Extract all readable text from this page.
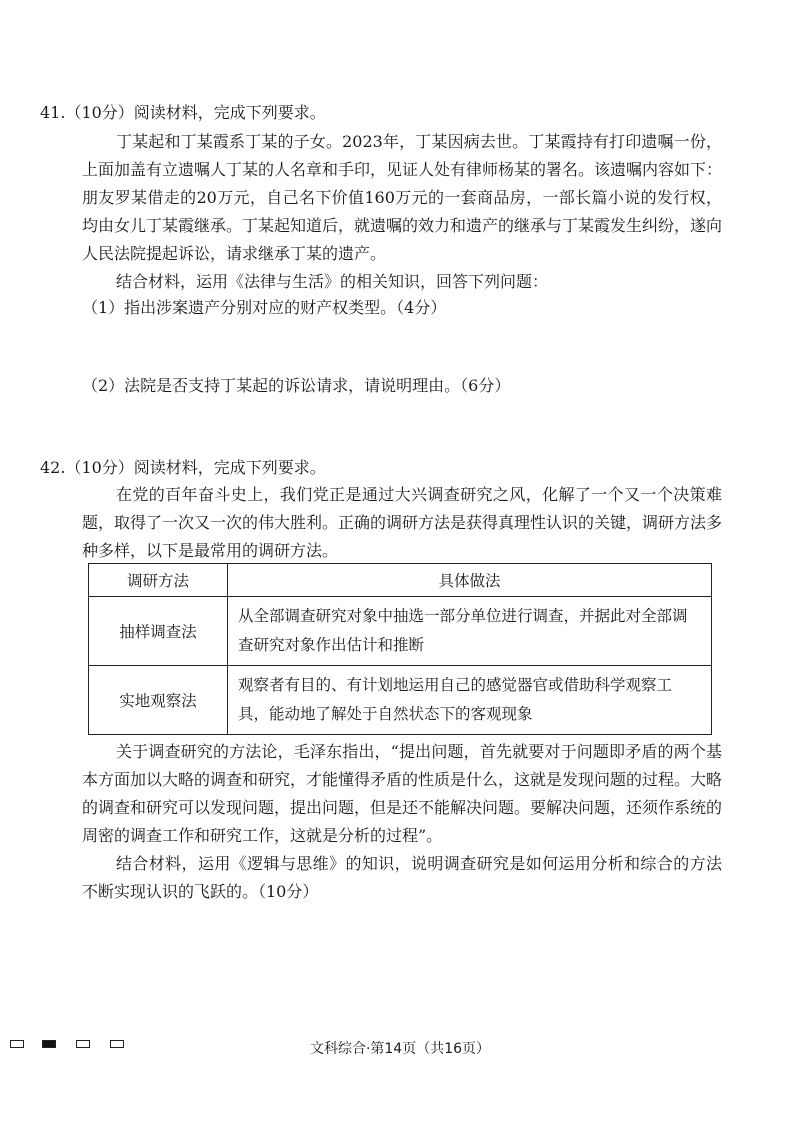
41.（10分）阅读材料，完成下列要求。
丁某起和丁某霞系丁某的子女。2023年，丁某因病去世。丁某霞持有打印遗嘱一份，上面加盖有立遗嘱人丁某的人名章和手印，见证人处有律师杨某的署名。该遗嘱内容如下：朋友罗某借走的20万元，自己名下价值160万元的一套商品房，一部长篇小说的发行权，均由女儿丁某霞继承。丁某起知道后，就遗嘱的效力和遗产的继承与丁某霞发生纠纷，遂向人民法院提起诉讼，请求继承丁某的遗产。
结合材料，运用《法律与生活》的相关知识，回答下列问题：
（1）指出涉案遗产分别对应的财产权类型。（4分）
（2）法院是否支持丁某起的诉讼请求，请说明理由。（6分）
42.（10分）阅读材料，完成下列要求。
在党的百年奋斗史上，我们党正是通过大兴调查研究之风，化解了一个又一个决策难题，取得了一次又一次的伟大胜利。正确的调研方法是获得真理性认识的关键，调研方法多种多样，以下是最常用的调研方法。
调研方法	具体做法
抽样调查法	从全部调查研究对象中抽选一部分单位进行调查，并据此对全部调查研究对象作出估计和推断
实地观察法	观察者有目的、有计划地运用自己的感觉器官或借助科学观察工具，能动地了解处于自然状态下的客观现象
关于调查研究的方法论，毛泽东指出，“提出问题，首先就要对于问题即矛盾的两个基本方面加以大略的调查和研究，才能懂得矛盾的性质是什么，这就是发现问题的过程。大略的调查和研究可以发现问题，提出问题，但是还不能解决问题。要解决问题，还须作系统的周密的调查工作和研究工作，这就是分析的过程”。
结合材料，运用《逻辑与思维》的知识，说明调查研究是如何运用分析和综合的方法不断实现认识的飞跃的。（10分）
文科综合·第14页（共16页）
